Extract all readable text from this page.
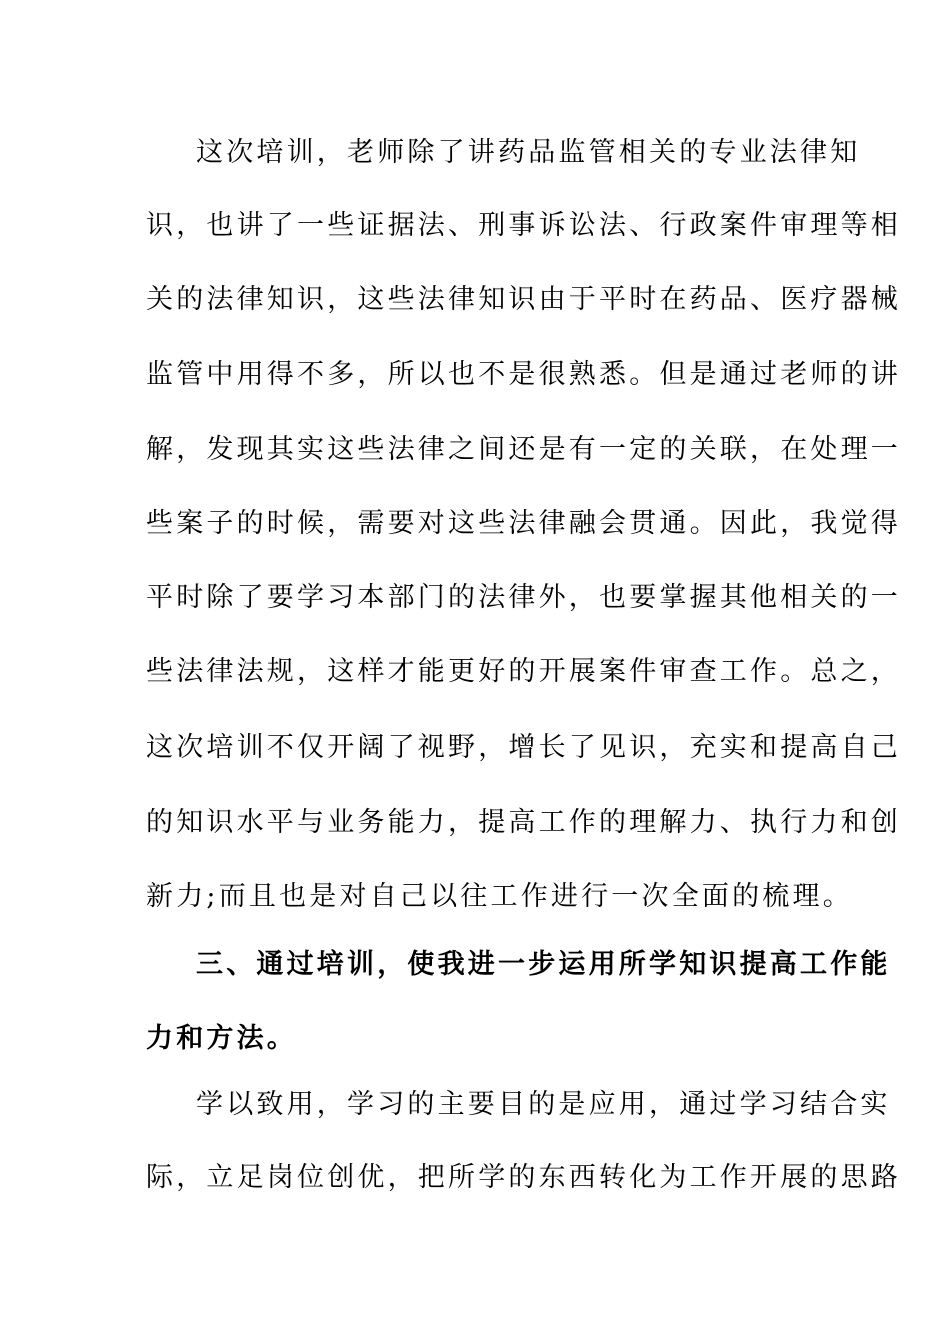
这次培训，老师除了讲药品监管相关的专业法律知
识，也讲了一些证据法、刑事诉讼法、行政案件审理等相
关的法律知识，这些法律知识由于平时在药品、医疗器械
监管中用得不多，所以也不是很熟悉。但是通过老师的讲
解，发现其实这些法律之间还是有一定的关联，在处理一
些案子的时候，需要对这些法律融会贯通。因此，我觉得
平时除了要学习本部门的法律外，也要掌握其他相关的一
些法律法规，这样才能更好的开展案件审查工作。总之，
这次培训不仅开阔了视野，增长了见识，充实和提高自己
的知识水平与业务能力，提高工作的理解力、执行力和创
新力;而且也是对自己以往工作进行一次全面的梳理。
三、通过培训，使我进一步运用所学知识提高工作能
力和方法。
学以致用，学习的主要目的是应用，通过学习结合实
际，立足岗位创优，把所学的东西转化为工作开展的思路
